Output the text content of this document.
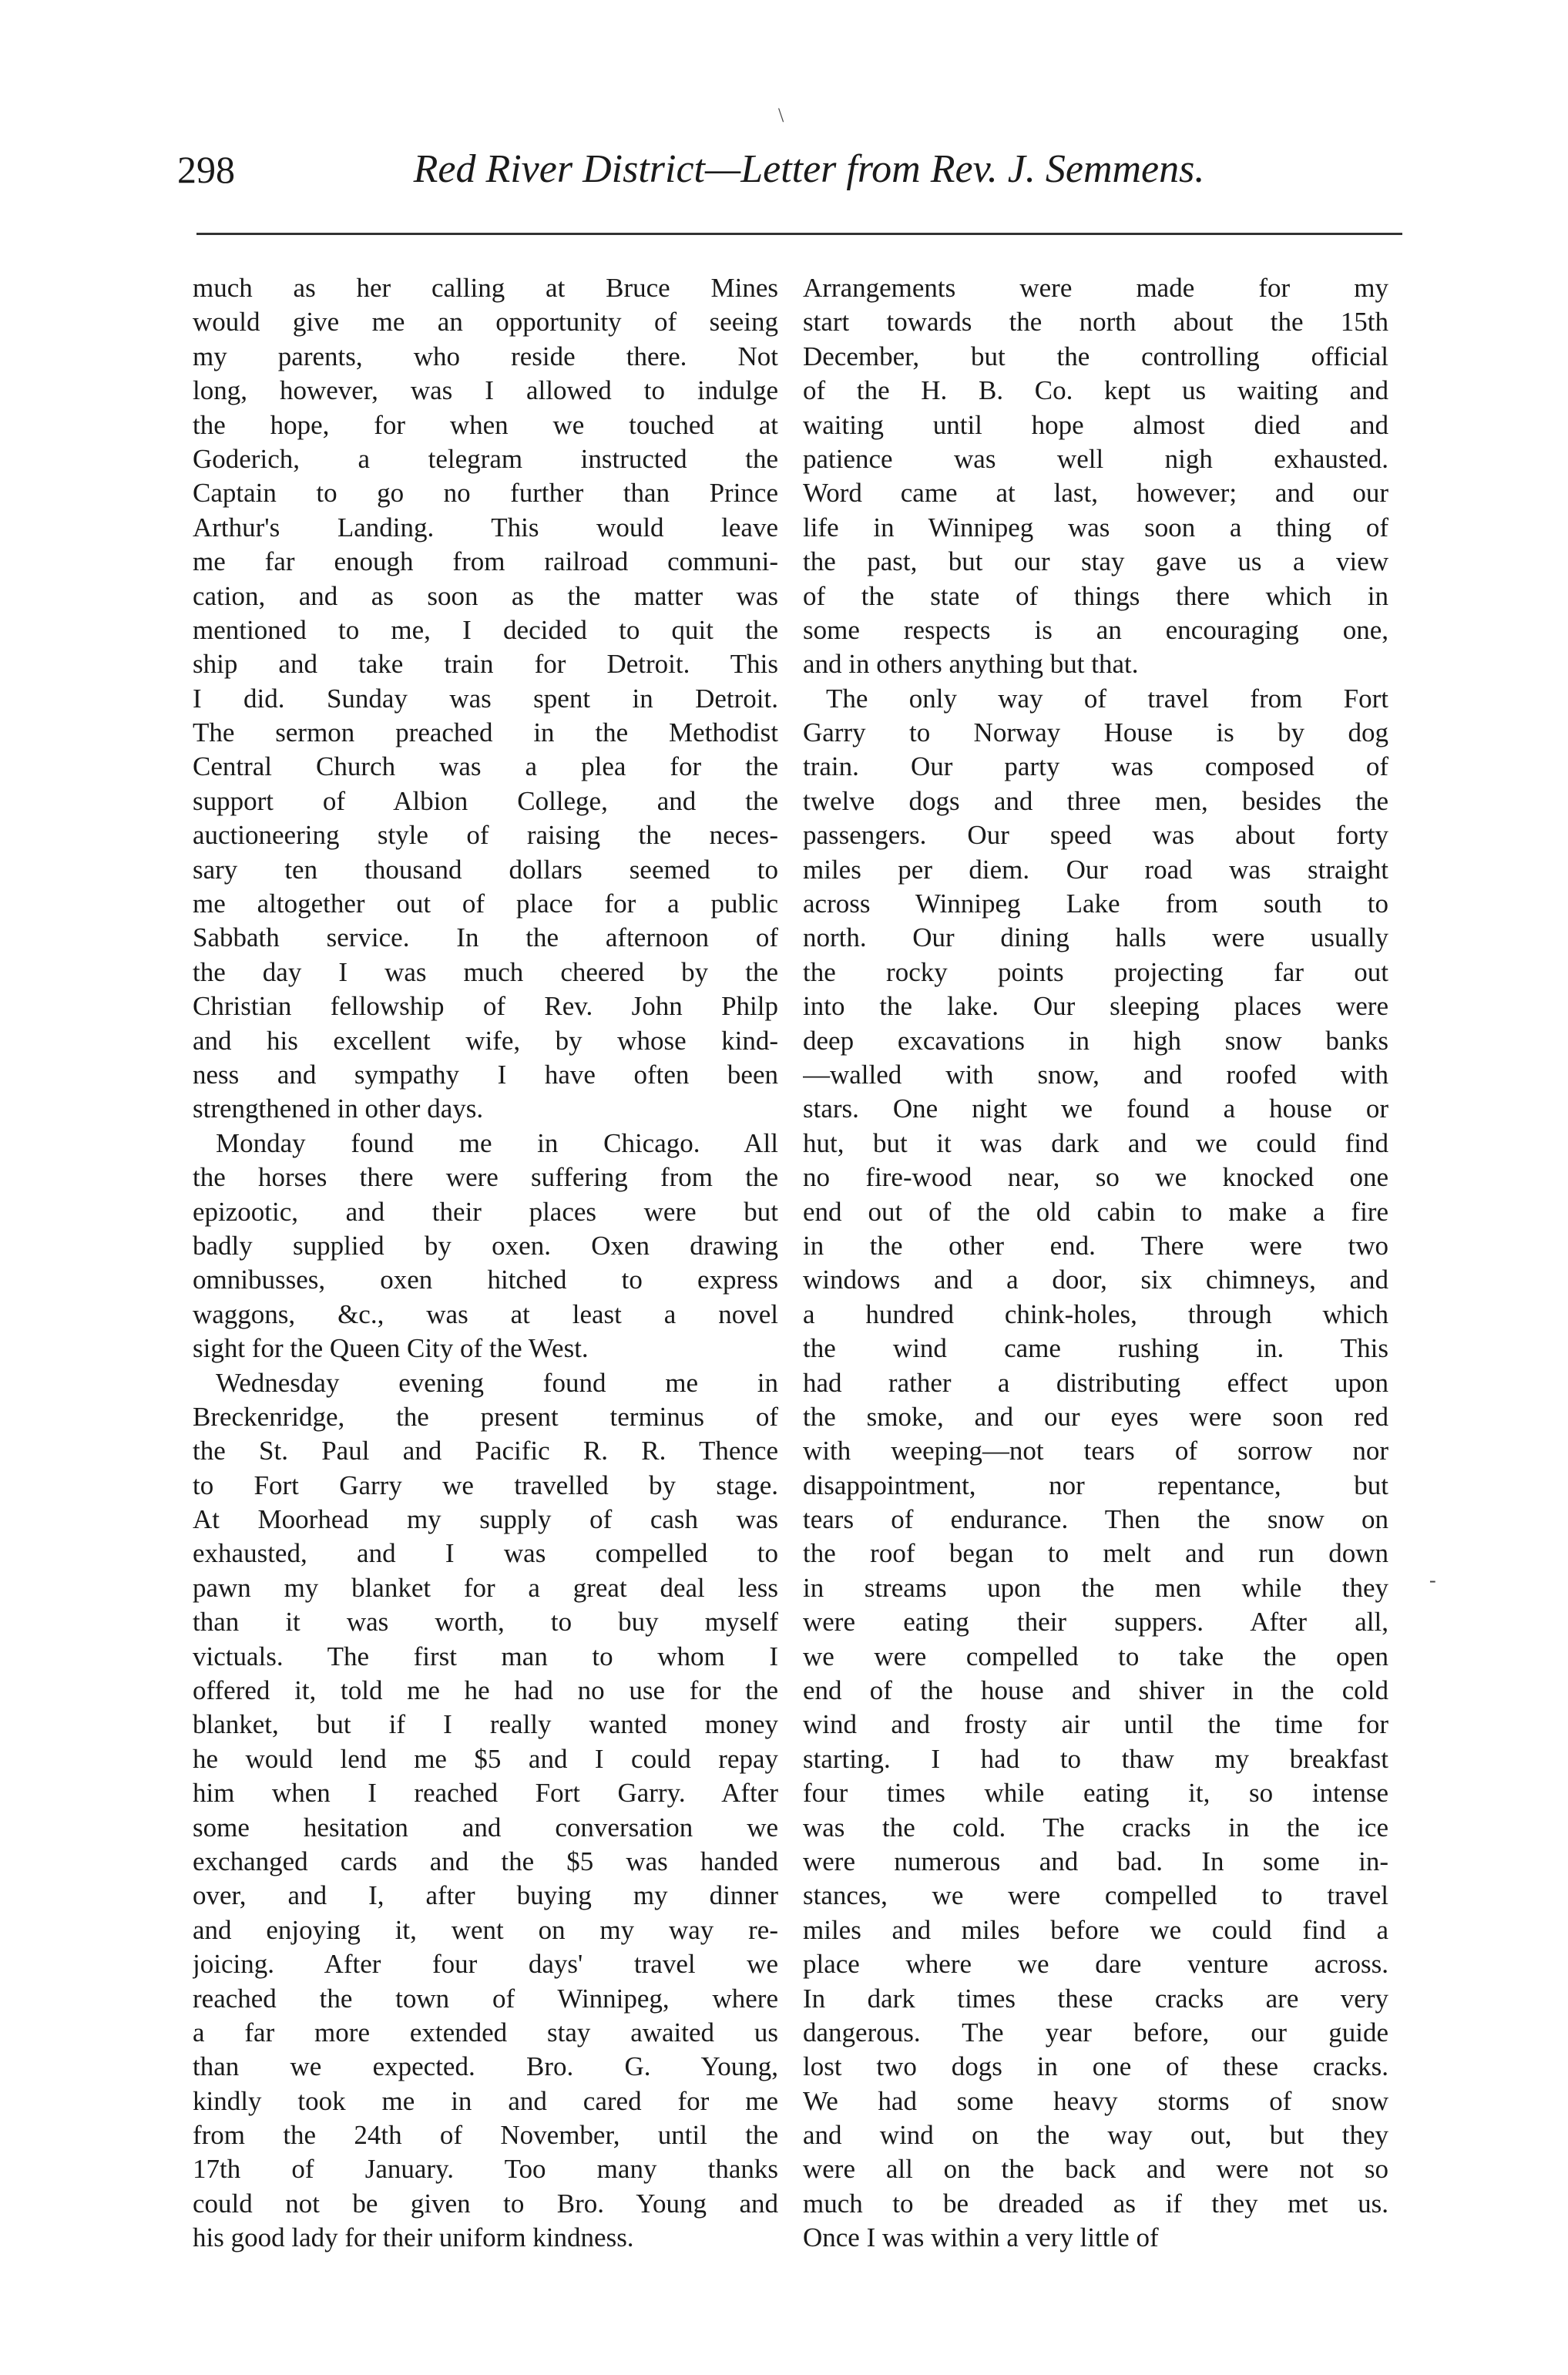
\
298	Red River District—Letter from Rev. J. Semmens.
much as her calling at Bruce Mines
would give me an opportunity of seeing
my parents, who reside there. Not
long, however, was I allowed to indulge
the hope, for when we touched at
Goderich, a telegram instructed the
Captain to go no further than Prince
Arthur's Landing. This would leave
me far enough from railroad communi-
cation, and as soon as the matter was
mentioned to me, I decided to quit the
ship and take train for Detroit. This
I did. Sunday was spent in Detroit.
The sermon preached in the Methodist
Central Church was a plea for the
support of Albion College, and the
auctioneering style of raising the neces-
sary ten thousand dollars seemed to
me altogether out of place for a public
Sabbath service. In the afternoon of
the day I was much cheered by the
Christian fellowship of Rev. John Philp
and his excellent wife, by whose kind-
ness and sympathy I have often been
strengthened in other days.
Monday found me in Chicago. All
the horses there were suffering from the
epizootic, and their places were but
badly supplied by oxen. Oxen drawing
omnibusses, oxen hitched to express
waggons, &c., was at least a novel
sight for the Queen City of the West.
Wednesday evening found me in
Breckenridge, the present terminus of
the St. Paul and Pacific R. R. Thence
to Fort Garry we travelled by stage.
At Moorhead my supply of cash was
exhausted, and I was compelled to
pawn my blanket for a great deal less
than it was worth, to buy myself
victuals. The first man to whom I
offered it, told me he had no use for the
blanket, but if I really wanted money
he would lend me $5 and I could repay
him when I reached Fort Garry. After
some hesitation and conversation we
exchanged cards and the $5 was handed
over, and I, after buying my dinner
and enjoying it, went on my way re-
joicing. After four days' travel we
reached the town of Winnipeg, where
a far more extended stay awaited us
than we expected. Bro. G. Young,
kindly took me in and cared for me
from the 24th of November, until the
17th of January. Too many thanks
could not be given to Bro. Young and
his good lady for their uniform kindness.
Arrangements were made for my
start towards the north about the 15th
December, but the controlling official
of the H. B. Co. kept us waiting and
waiting until hope almost died and
patience was well nigh exhausted.
Word came at last, however; and our
life in Winnipeg was soon a thing of
the past, but our stay gave us a view
of the state of things there which in
some respects is an encouraging one,
and in others anything but that.
The only way of travel from Fort
Garry to Norway House is by dog
train. Our party was composed of
twelve dogs and three men, besides the
passengers. Our speed was about forty
miles per diem. Our road was straight
across Winnipeg Lake from south to
north. Our dining halls were usually
the rocky points projecting far out
into the lake. Our sleeping places were
deep excavations in high snow banks
—walled with snow, and roofed with
stars. One night we found a house or
hut, but it was dark and we could find
no fire-wood near, so we knocked one
end out of the old cabin to make a fire
in the other end. There were two
windows and a door, six chimneys, and
a hundred chink-holes, through which
the wind came rushing in. This
had rather a distributing effect upon
the smoke, and our eyes were soon red
with weeping—not tears of sorrow nor
disappointment, nor repentance, but
tears of endurance. Then the snow on
the roof began to melt and run down
in streams upon the men while they
were eating their suppers. After all,
we were compelled to take the open
end of the house and shiver in the cold
wind and frosty air until the time for
starting. I had to thaw my breakfast
four times while eating it, so intense
was the cold. The cracks in the ice
were numerous and bad. In some in-
stances, we were compelled to travel
miles and miles before we could find a
place where we dare venture across.
In dark times these cracks are very
dangerous. The year before, our guide
lost two dogs in one of these cracks.
We had some heavy storms of snow
and wind on the way out, but they
were all on the back and were not so
much to be dreaded as if they met us.
Once I was within a very little of
-
